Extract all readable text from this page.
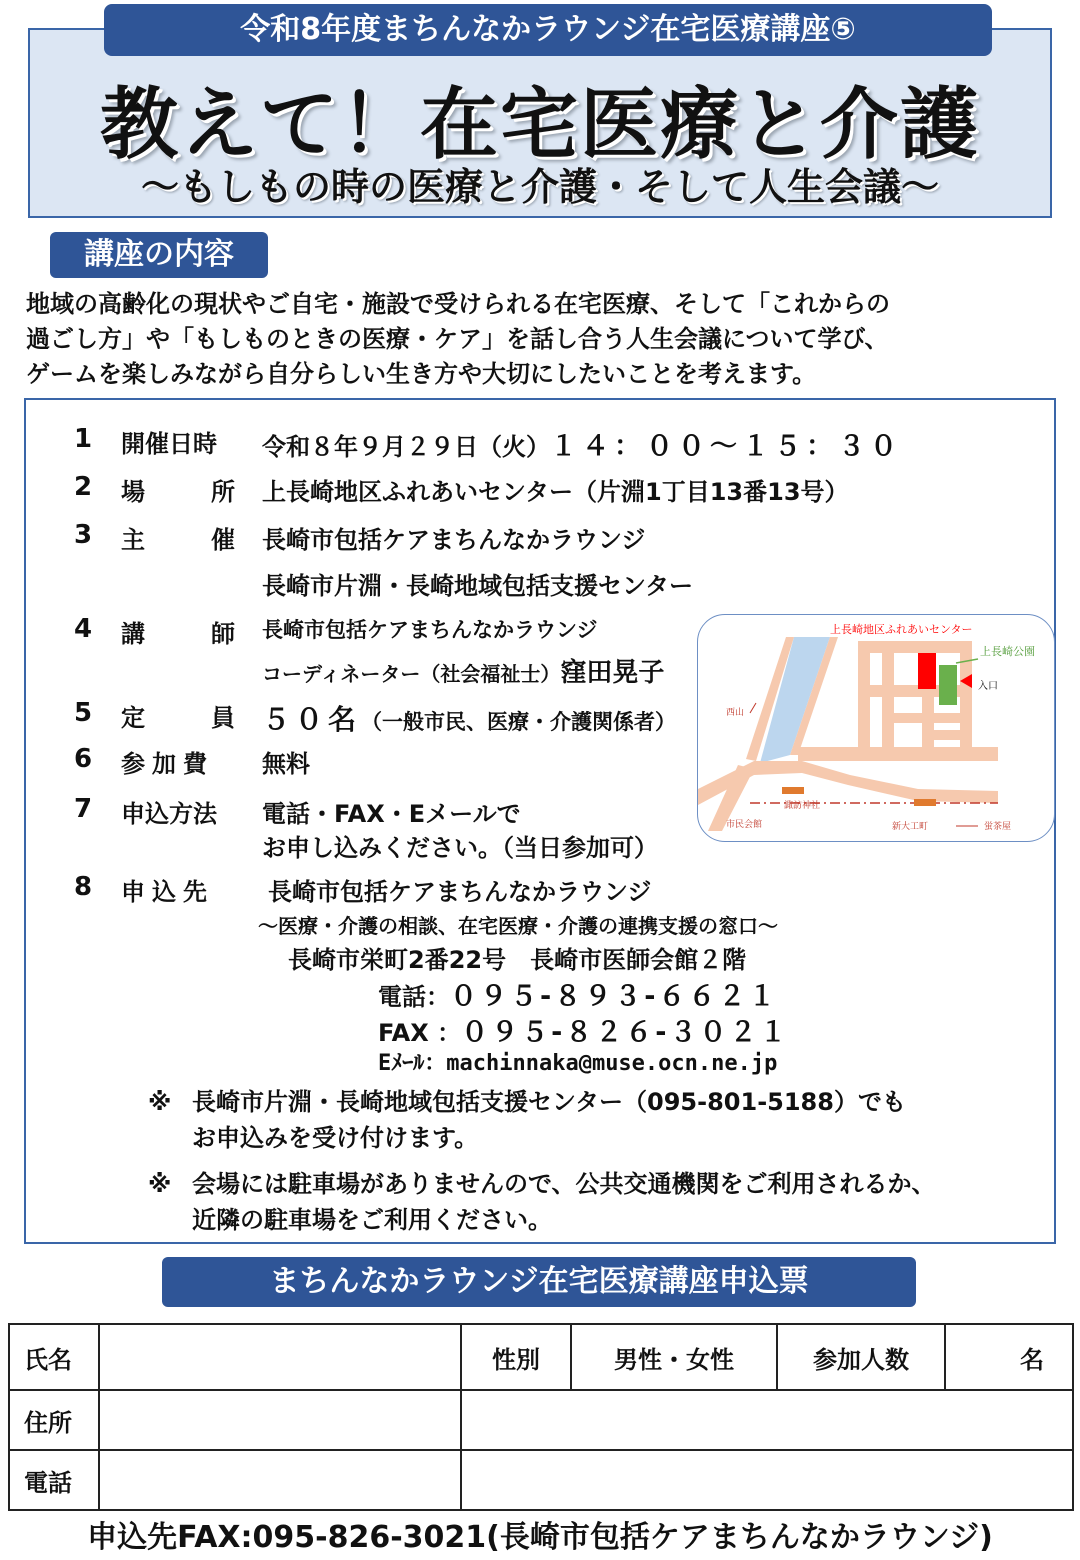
令和8年度まちんなかラウンジ在宅医療講座⑤
教えて！在宅医療と介護
～もしもの時の医療と介護・そして人生会議～
講座の内容
地域の高齢化の現状やご自宅・施設で受けられる在宅医療、そして「これからの
過ごし方」や「もしものときの医療・ケア」を話し合う人生会議について学び、
ゲームを楽しみながら自分らしい生き方や大切にしたいことを考えます。
1	開催日時	令和８年９月２９日（火）１４：００～１５：３０
2	場	所 上長崎地区ふれあいセンター（片淵1丁目13番13号）
3	主	催 長崎市包括ケアまちんなかラウンジ
長崎市片淵・長崎地域包括支援センター
4	講	師 長崎市包括ケアまちんなかラウンジ
コーディネーター（社会福祉士）窪田晃子
5	定	員 ５０名（一般市民、医療・介護関係者）
6	参加費	無料
7	申込方法	電話・FAX・Eメールで
お申し込みください。（当日参加可）
8	申込先	長崎市包括ケアまちんなかラウンジ
～医療・介護の相談、在宅医療・介護の連携支援の窓口～
長崎市栄町2番22号　長崎市医師会館２階
電話：０９５-８９３-６６２１
FAX ：０９５-８２６-３０２１
Eﾒｰﾙ：machinnaka@muse.ocn.ne.jp
※ 長崎市片淵・長崎地域包括支援センター（095-801-5188）でも
お申込みを受け付けます。
※ 会場には駐車場がありませんので、公共交通機関をご利用されるか、
近隣の駐車場をご利用ください。
上長崎地区ふれあいセンター
上長崎公園
入口
西山
諏訪神社
市民会館	新大工町	蛍茶屋
まちんなかラウンジ在宅医療講座申込票
氏名		性別	男性・女性	参加人数	名
住所					
電話					
申込先FAX:095-826-3021(長崎市包括ケアまちんなかラウンジ)
